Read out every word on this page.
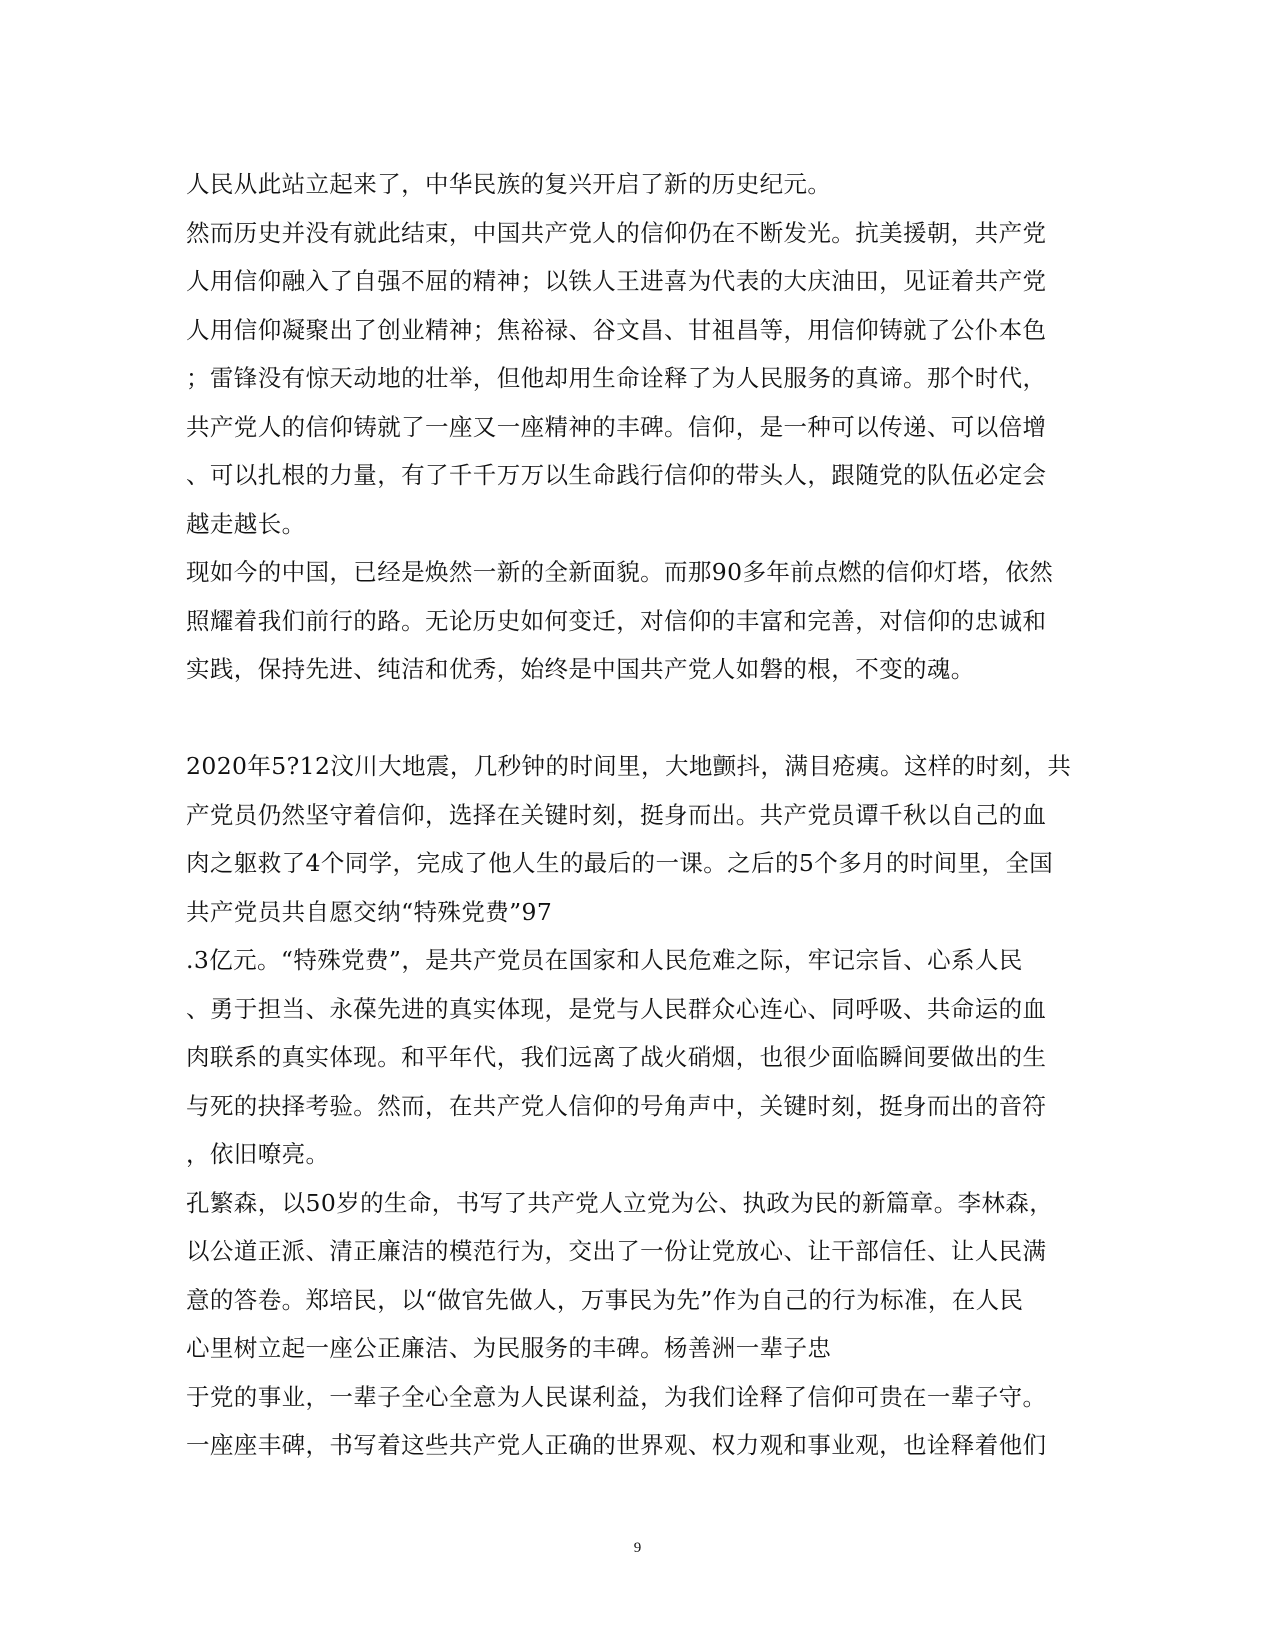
人民从此站立起来了，中华民族的复兴开启了新的历史纪元。
然而历史并没有就此结束，中国共产党人的信仰仍在不断发光。抗美援朝，共产党
人用信仰融入了自强不屈的精神；以铁人王进喜为代表的大庆油田，见证着共产党
人用信仰凝聚出了创业精神；焦裕禄、谷文昌、甘祖昌等，用信仰铸就了公仆本色
；雷锋没有惊天动地的壮举，但他却用生命诠释了为人民服务的真谛。那个时代，
共产党人的信仰铸就了一座又一座精神的丰碑。信仰，是一种可以传递、可以倍增
、可以扎根的力量，有了千千万万以生命践行信仰的带头人，跟随党的队伍必定会
越走越长。
现如今的中国，已经是焕然一新的全新面貌。而那90多年前点燃的信仰灯塔，依然
照耀着我们前行的路。无论历史如何变迁，对信仰的丰富和完善，对信仰的忠诚和
实践，保持先进、纯洁和优秀，始终是中国共产党人如磐的根，不变的魂。
2020年5?12汶川大地震，几秒钟的时间里，大地颤抖，满目疮痍。这样的时刻，共
产党员仍然坚守着信仰，选择在关键时刻，挺身而出。共产党员谭千秋以自己的血
肉之躯救了4个同学，完成了他人生的最后的一课。之后的5个多月的时间里，全国
共产党员共自愿交纳“特殊党费”97
.3亿元。“特殊党费”，是共产党员在国家和人民危难之际，牢记宗旨、心系人民
、勇于担当、永葆先进的真实体现，是党与人民群众心连心、同呼吸、共命运的血
肉联系的真实体现。和平年代，我们远离了战火硝烟，也很少面临瞬间要做出的生
与死的抉择考验。然而，在共产党人信仰的号角声中，关键时刻，挺身而出的音符
，依旧嘹亮。
孔繁森，以50岁的生命，书写了共产党人立党为公、执政为民的新篇章。李林森，
以公道正派、清正廉洁的模范行为，交出了一份让党放心、让干部信任、让人民满
意的答卷。郑培民，以“做官先做人，万事民为先”作为自己的行为标准，在人民
心里树立起一座公正廉洁、为民服务的丰碑。杨善洲一辈子忠
于党的事业，一辈子全心全意为人民谋利益，为我们诠释了信仰可贵在一辈子守。
一座座丰碑，书写着这些共产党人正确的世界观、权力观和事业观，也诠释着他们
9
